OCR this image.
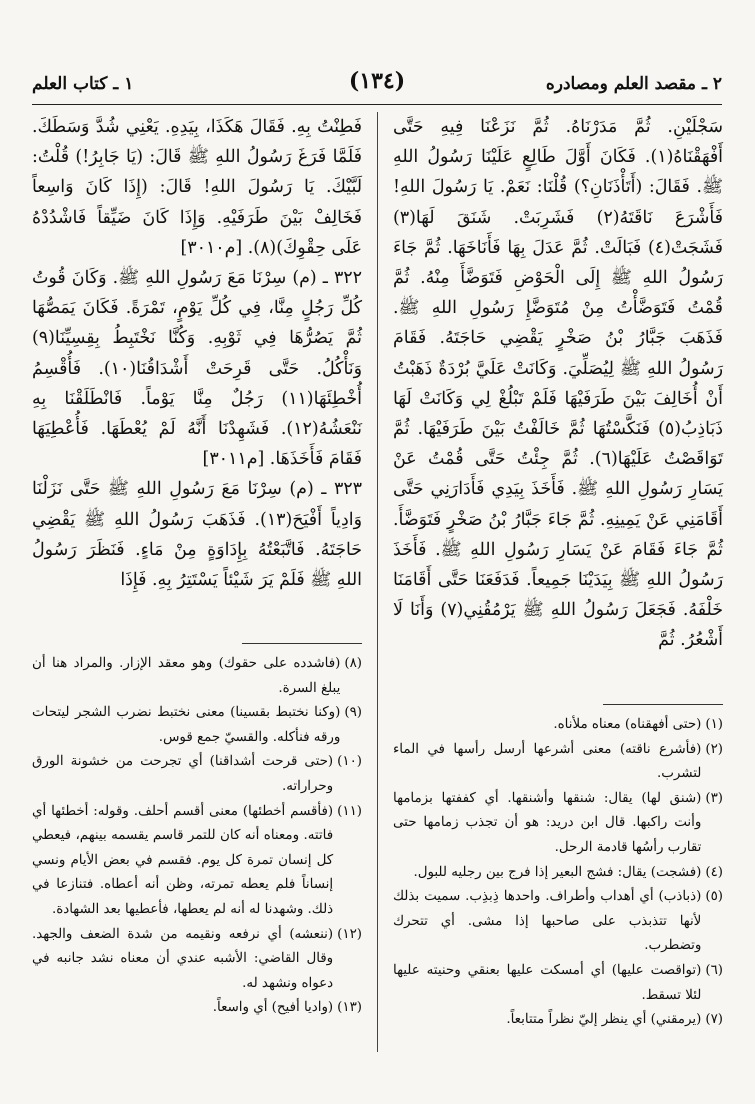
٢ ـ مقصد العلم ومصادره
(١٣٤)
١ ـ كتاب العلم

سَجْلَيْنِ. ثُمَّ مَدَرْنَاهُ. ثُمَّ نَزَعْنَا فِيهِ حَتَّى أَفْهَقْنَاهُ(١). فَكَانَ أَوَّلَ طَالِعٍ عَلَيْنَا رَسُولُ اللهِ ﷺ. فَقَالَ: (أَتَأْذَنَانِ؟) قُلْنَا: نَعَمْ. يَا رَسُولَ اللهِ! فَأَشْرَعَ نَاقَتَهُ(٢) فَشَرِبَتْ. شَنَقَ لَهَا(٣) فَشَجَتْ(٤) فَبَالَتْ. ثُمَّ عَدَلَ بِهَا فَأَنَاخَهَا. ثُمَّ جَاءَ رَسُولُ اللهِ ﷺ إِلَى الْحَوْضِ فَتَوَضَّأَ مِنْهُ. ثُمَّ قُمْتُ فَتَوَضَّأْتُ مِنْ مُتَوَضَّإِ رَسُولِ اللهِ ﷺ. فَذَهَبَ جَبَّارُ بْنُ صَخْرٍ يَقْضِي حَاجَتَهُ. فَقَامَ رَسُولُ اللهِ ﷺ لِيُصَلِّيَ. وَكَانَتْ عَلَيَّ بُرْدَةٌ ذَهَبْتُ أَنْ أُخَالِفَ بَيْنَ طَرَفَيْهَا فَلَمْ تَبْلُغْ لِي وَكَانَتْ لَهَا ذَبَاذِبُ(٥) فَنَكَّسْتُهَا ثُمَّ خَالَفْتُ بَيْنَ طَرَفَيْهَا. ثُمَّ تَوَاقَصْتُ عَلَيْهَا(٦). ثُمَّ جِئْتُ حَتَّى قُمْتُ عَنْ يَسَارِ رَسُولِ اللهِ ﷺ. فَأَخَذَ بِيَدِي فَأَدَارَنِي حَتَّى أَقَامَنِي عَنْ يَمِينِهِ. ثُمَّ جَاءَ جَبَّارُ بْنُ صَخْرٍ فَتَوَضَّأَ. ثُمَّ جَاءَ فَقَامَ عَنْ يَسَارِ رَسُولِ اللهِ ﷺ. فَأَخَذَ رَسُولُ اللهِ ﷺ بِيَدَيْنَا جَمِيعاً. فَدَفَعَنَا حَتَّى أَقَامَنَا خَلْفَهُ. فَجَعَلَ رَسُولُ اللهِ ﷺ يَرْمُقُنِي(٧) وَأَنَا لَا أَشْعُرُ. ثُمَّ

(١)
(حتى أفهقناه) معناه ملأناه.
(٢)
(فأشرع ناقته) معنى أشرعها أرسل رأسها في الماء لتشرب.
(٣)
(شنق لها) يقال: شنقها وأشنقها. أي كففتها بزمامها وأنت راكبها. قال ابن دريد: هو أن تجذب زمامها حتى تقارب رأسُها قادمة الرحل.
(٤)
(فشجت) يقال: فشج البعير إذا فرج بين رجليه للبول.
(٥)
(ذباذب) أي أهداب وأطراف. واحدها ذِبذِب. سميت بذلك لأنها تتذبذب على صاحبها إذا مشى. أي تتحرك وتضطرب.
(٦)
(تواقصت عليها) أي أمسكت عليها بعنقي وحنيته عليها لئلا تسقط.
(٧)
(يرمقني) أي ينظر إليّ نظراً متتابعاً.

فَطِنْتُ بِهِ. فَقَالَ هَكَذَا، بِيَدِهِ. يَعْنِي شُدَّ وَسَطَكَ. فَلَمَّا فَرَغَ رَسُولُ اللهِ ﷺ قَالَ: (يَا جَابِرُ!) قُلْتُ: لَبَّيْكَ. يَا رَسُولَ اللهِ! قَالَ: (إِذَا كَانَ وَاسِعاً فَخَالِفْ بَيْنَ طَرَفَيْهِ. وَإِذَا كَانَ ضَيِّقاً فَاشْدُدْهُ عَلَى حِقْوِكَ)(٨). [م٣٠١٠]

٣٢٢ ـ (م) سِرْنَا مَعَ رَسُولِ اللهِ ﷺ. وَكَانَ قُوتُ كُلِّ رَجُلٍ مِنَّا، فِي كُلِّ يَوْمٍ، تَمْرَةً. فَكَانَ يَمَصُّهَا ثُمَّ يَصُرُّهَا فِي ثَوْبِهِ. وَكُنَّا نَخْتَبِطُ بِقِسِيِّنَا(٩) وَنَأْكُلُ. حَتَّى قَرِحَتْ أَشْدَاقُنَا(١٠). فَأُقْسِمُ أُخْطِئَهَا(١١) رَجُلٌ مِنَّا يَوْماً. فَانْطَلَقْنَا بِهِ نَنْعَشُهُ(١٢). فَشَهِدْنَا أَنَّهُ لَمْ يُعْطَهَا. فَأُعْطِيَهَا فَقَامَ فَأَخَذَهَا. [م٣٠١١]

٣٢٣ ـ (م) سِرْنَا مَعَ رَسُولِ اللهِ ﷺ حَتَّى نَزَلْنَا وَادِياً أَفْيَحَ(١٣). فَذَهَبَ رَسُولُ اللهِ ﷺ يَقْضِي حَاجَتَهُ. فَاتَّبَعْتُهُ بِإِدَاوَةٍ مِنْ مَاءٍ. فَنَظَرَ رَسُولُ اللهِ ﷺ فَلَمْ يَرَ شَيْئاً يَسْتَتِرُ بِهِ. فَإِذَا

(٨)
(فاشدده على حقوك) وهو معقد الإزار. والمراد هنا أن يبلغ السرة.
(٩)
(وكنا نختبط بقسينا) معنى نختبط نضرب الشجر ليتحات ورقه فنأكله. والقسيّ جمع قوس.
(١٠)
(حتى قرحت أشداقنا) أي تجرحت من خشونة الورق وحراراته.
(١١)
(فأقسم أخطئها) معنى أقسم أحلف. وقوله: أخطئها أي فاتته. ومعناه أنه كان للتمر قاسم يقسمه بينهم، فيعطي كل إنسان تمرة كل يوم. فقسم في بعض الأيام ونسي إنساناً فلم يعطه تمرته، وظن أنه أعطاه. فتنازعا في ذلك. وشهدنا له أنه لم يعطها، فأعطيها بعد الشهادة.
(١٢)
(ننعشه) أي نرفعه ونقيمه من شدة الضعف والجهد. وقال القاضي: الأشبه عندي أن معناه نشد جانبه في دعواه ونشهد له.
(١٣)
(واديا أفيح) أي واسعاً.
